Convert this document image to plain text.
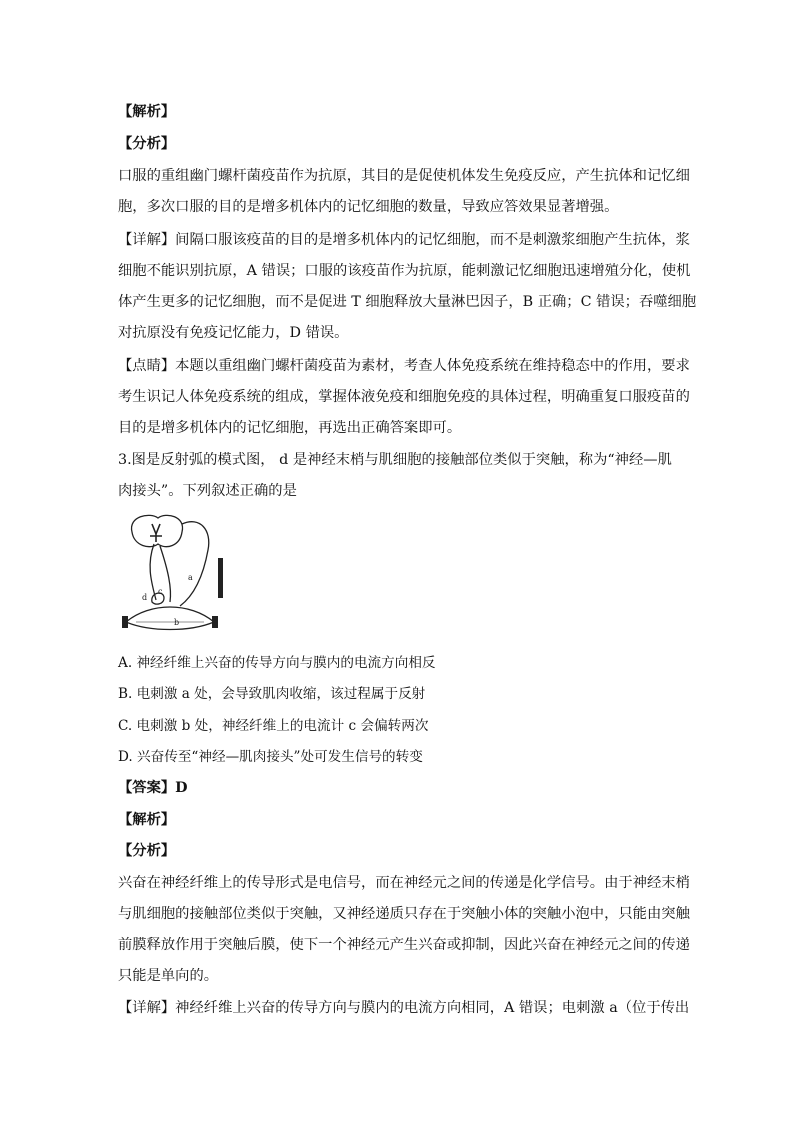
【解析】
【分析】
口服的重组幽门螺杆菌疫苗作为抗原，其目的是促使机体发生免疫反应，产生抗体和记忆细
胞，多次口服的目的是增多机体内的记忆细胞的数量，导致应答效果显著增强。
【详解】间隔口服该疫苗的目的是增多机体内的记忆细胞，而不是刺激浆细胞产生抗体，浆
细胞不能识别抗原，A 错误；口服的该疫苗作为抗原，能刺激记忆细胞迅速增殖分化，使机
体产生更多的记忆细胞，而不是促进 T 细胞释放大量淋巴因子，B 正确；C 错误；吞噬细胞
对抗原没有免疫记忆能力，D 错误。
【点睛】本题以重组幽门螺杆菌疫苗为素材，考查人体免疫系统在维持稳态中的作用，要求
考生识记人体免疫系统的组成，掌握体液免疫和细胞免疫的具体过程，明确重复口服疫苗的
目的是增多机体内的记忆细胞，再选出正确答案即可。
3.图是反射弧的模式图， d 是神经末梢与肌细胞的接触部位类似于突触，称为“神经—肌
肉接头”。下列叙述正确的是
a
b
c
d
A. 神经纤维上兴奋的传导方向与膜内的电流方向相反
B. 电刺激 a 处，会导致肌肉收缩，该过程属于反射
C. 电刺激 b 处，神经纤维上的电流计 c 会偏转两次
D. 兴奋传至“神经—肌肉接头”处可发生信号的转变
【答案】D
【解析】
【分析】
兴奋在神经纤维上的传导形式是电信号，而在神经元之间的传递是化学信号。由于神经末梢
与肌细胞的接触部位类似于突触，又神经递质只存在于突触小体的突触小泡中，只能由突触
前膜释放作用于突触后膜，使下一个神经元产生兴奋或抑制，因此兴奋在神经元之间的传递
只能是单向的。
【详解】神经纤维上兴奋的传导方向与膜内的电流方向相同，A 错误；电刺激 a（位于传出
